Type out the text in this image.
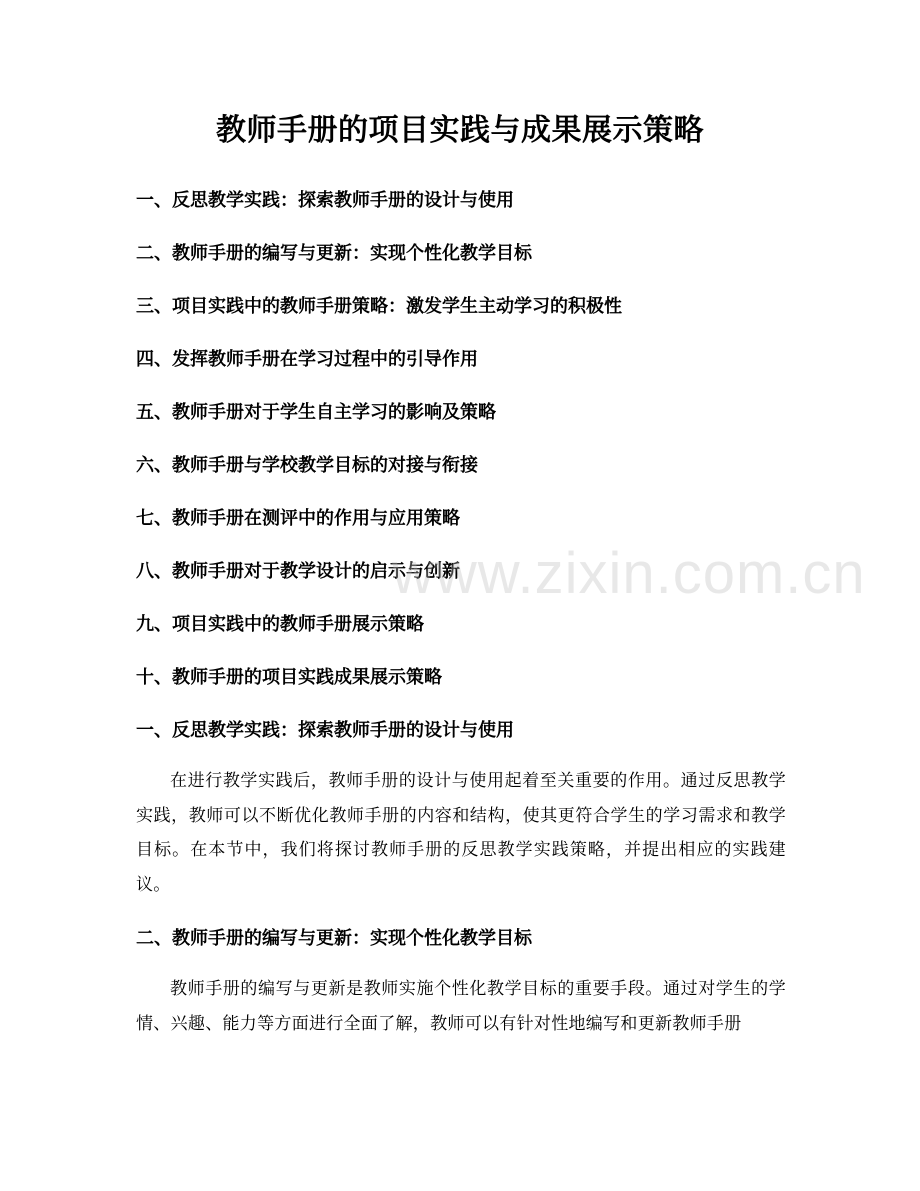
教师手册的项目实践与成果展示策略
一、反思教学实践：探索教师手册的设计与使用
二、教师手册的编写与更新：实现个性化教学目标
三、项目实践中的教师手册策略：激发学生主动学习的积极性
四、发挥教师手册在学习过程中的引导作用
五、教师手册对于学生自主学习的影响及策略
六、教师手册与学校教学目标的对接与衔接
七、教师手册在测评中的作用与应用策略
八、教师手册对于教学设计的启示与创新
九、项目实践中的教师手册展示策略
十、教师手册的项目实践成果展示策略
一、反思教学实践：探索教师手册的设计与使用
在进行教学实践后，教师手册的设计与使用起着至关重要的作用。通过反思教学实践，教师可以不断优化教师手册的内容和结构，使其更符合学生的学习需求和教学目标。在本节中，我们将探讨教师手册的反思教学实践策略，并提出相应的实践建议。
二、教师手册的编写与更新：实现个性化教学目标
教师手册的编写与更新是教师实施个性化教学目标的重要手段。通过对学生的学情、兴趣、能力等方面进行全面了解，教师可以有针对性地编写和更新教师手册
www.zixin.com.cn
